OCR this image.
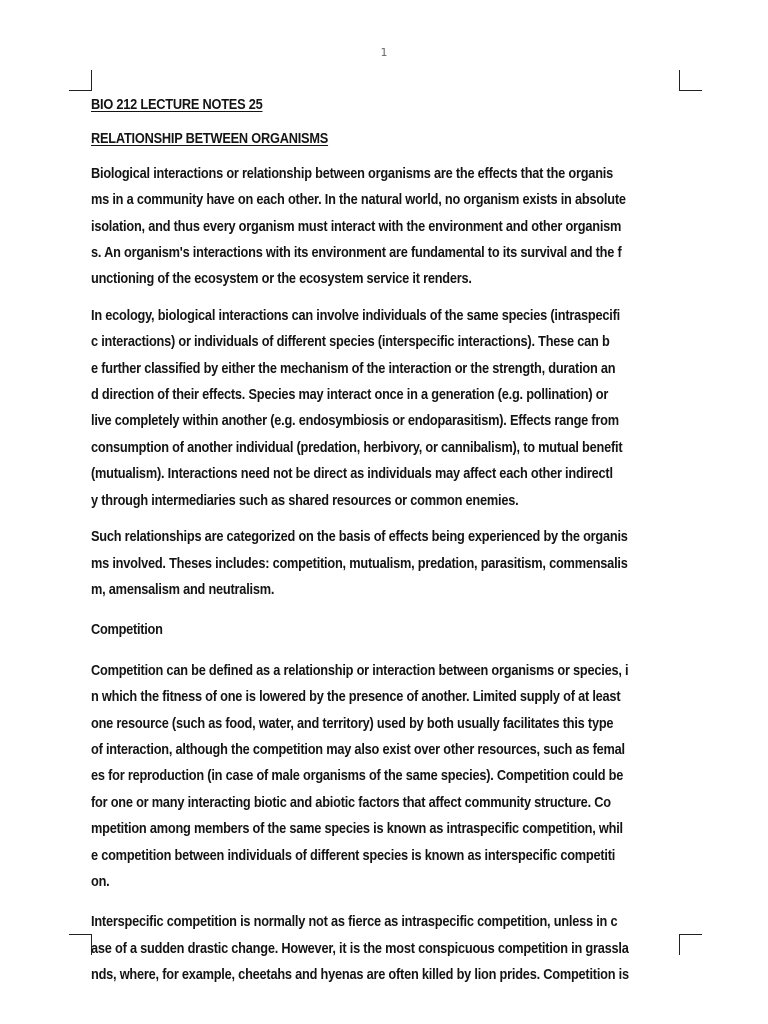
1
BIO 212 LECTURE NOTES 25
RELATIONSHIP BETWEEN ORGANISMS
Biological interactions or relationship between organisms are the effects that the organis
ms in a community have on each other. In the natural world, no organism exists in absolute
isolation, and thus every organism must interact with the environment and other organism
s. An organism's interactions with its environment are fundamental to its survival and the f
unctioning of the ecosystem or the ecosystem service it renders.
In ecology, biological interactions can involve individuals of the same species (intraspecifi
c interactions) or individuals of different species (interspecific interactions). These can b
e further classified by either the mechanism of the interaction or the strength, duration an
d direction of their effects. Species may interact once in a generation (e.g. pollination) or
live completely within another (e.g. endosymbiosis or endoparasitism). Effects range from
consumption of another individual (predation, herbivory, or cannibalism), to mutual benefit
(mutualism). Interactions need not be direct as individuals may affect each other indirectl
y through intermediaries such as shared resources or common enemies.
Such relationships are categorized on the basis of effects being experienced by the organis
ms involved. Theses includes: competition, mutualism, predation, parasitism, commensalis
m, amensalism and neutralism.
Competition
Competition can be defined as a relationship or interaction between organisms or species, i
n which the fitness of one is lowered by the presence of another. Limited supply of at least
one resource (such as food, water, and territory) used by both usually facilitates this type
of interaction, although the competition may also exist over other resources, such as femal
es for reproduction (in case of male organisms of the same species). Competition could be
for one or many interacting biotic and abiotic factors that affect community structure. Co
mpetition among members of the same species is known as intraspecific competition, whil
e competition between individuals of different species is known as interspecific competiti
on.
Interspecific competition is normally not as fierce as intraspecific competition, unless in c
ase of a sudden drastic change. However, it is the most conspicuous competition in grassla
nds, where, for example, cheetahs and hyenas are often killed by lion prides. Competition is
